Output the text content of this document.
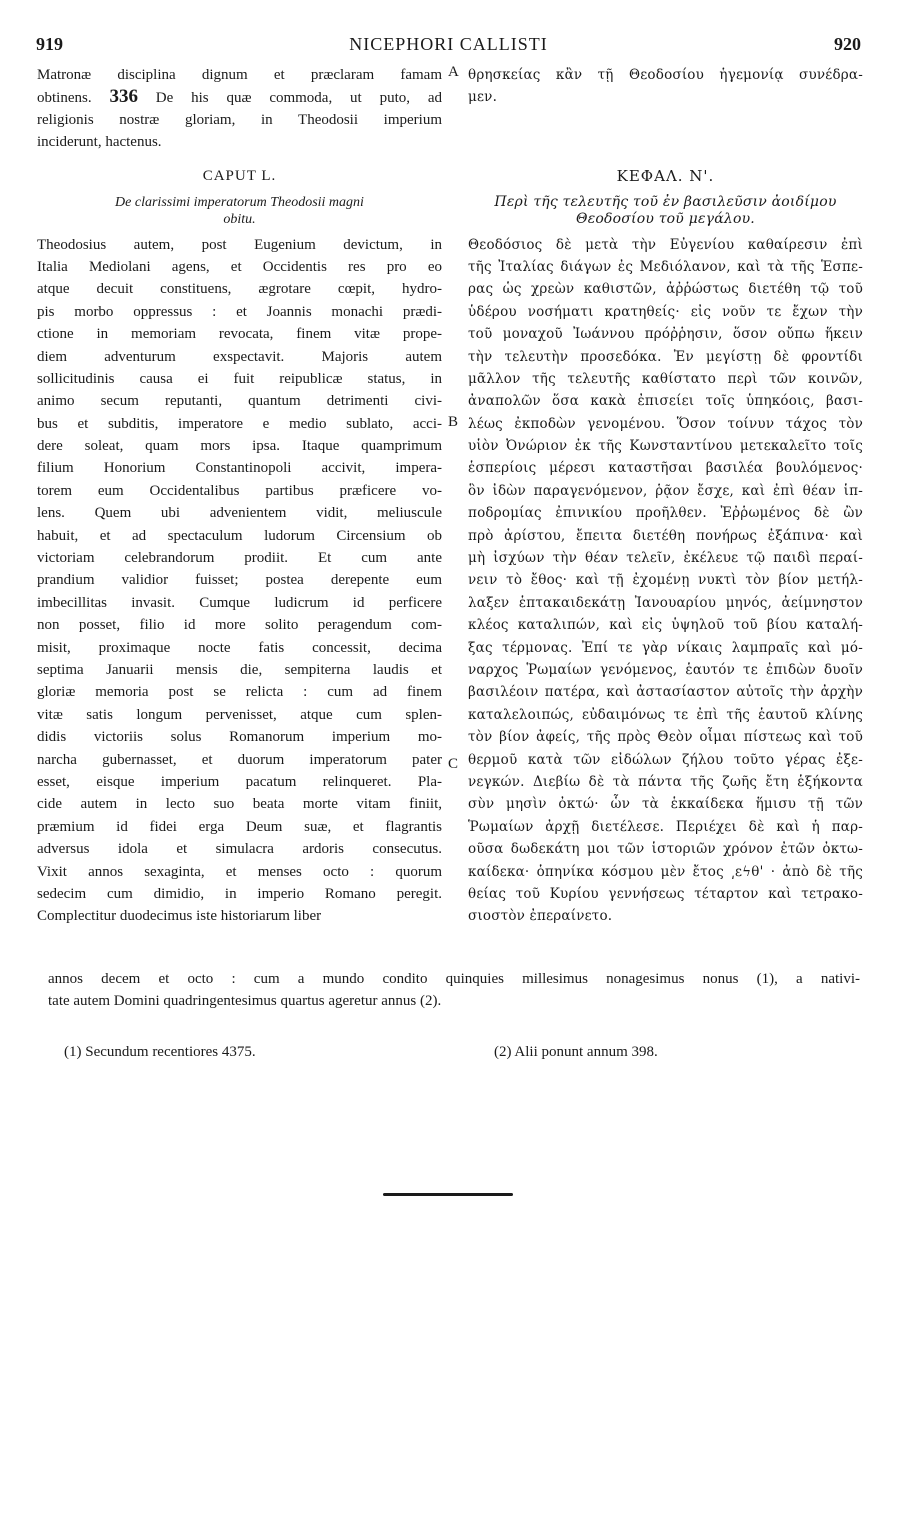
919	NICEPHORI CALLISTI	920
Matronæ disciplina dignum et præclaram famam
obtinens. 336 De his quæ commoda, ut puto, ad
religionis nostræ gloriam, in Theodosii imperium
inciderunt, hactenus.
CAPUT L.
De clarissimi imperatorum Theodosii magni
obitu.
Theodosius autem, post Eugenium devictum, in
Italia Mediolani agens, et Occidentis res pro eo
atque decuit constituens, ægrotare cœpit, hydro-
pis morbo oppressus : et Joannis monachi prædi-
ctione in memoriam revocata, finem vitæ prope-
diem adventurum exspectavit. Majoris autem
sollicitudinis causa ei fuit reipublicæ status, in
animo secum reputanti, quantum detrimenti civi-
bus et subditis, imperatore e medio sublato, acci-
dere soleat, quam mors ipsa. Itaque quamprimum
filium Honorium Constantinopoli accivit, impera-
torem eum Occidentalibus partibus præficere vo-
lens. Quem ubi advenientem vidit, meliuscule
habuit, et ad spectaculum ludorum Circensium ob
victoriam celebrandorum prodiit. Et cum ante
prandium validior fuisset; postea derepente eum
imbecillitas invasit. Cumque ludicrum id perficere
non posset, filio id more solito peragendum com-
misit, proximaque nocte fatis concessit, decima
septima Januarii mensis die, sempiterna laudis et
gloriæ memoria post se relicta : cum ad finem
vitæ satis longum pervenisset, atque cum splen-
didis victoriis solus Romanorum imperium mo-
narcha gubernasset, et duorum imperatorum pater
esset, eisque imperium pacatum relinqueret. Pla-
cide autem in lecto suo beata morte vitam finiit,
præmium id fidei erga Deum suæ, et flagrantis
adversus idola et simulacra ardoris consecutus.
Vixit annos sexaginta, et menses octo : quorum
sedecim cum dimidio, in imperio Romano peregit.
Complectitur duodecimus iste historiarum liber
A
B
C
θρησκείας κἂν τῇ Θεοδοσίου ἡγεμονίᾳ συνέδρα-
μεν.
ΚΕΦΑΛ. Ν'.
Περὶ τῆς τελευτῆς τοῦ ἐν βασιλεῦσιν ἀοιδίμου
Θεοδοσίου τοῦ μεγάλου.
Θεοδόσιος δὲ μετὰ τὴν Εὐγενίου καθαίρεσιν ἐπὶ
τῆς Ἰταλίας διάγων ἐς Μεδιόλανον, καὶ τὰ τῆς Ἑσπε-
ρας ὡς χρεὼν καθιστῶν, ἀῤῥώστως διετέθη τῷ τοῦ
ὑδέρου νοσήματι κρατηθείς· εἰς νοῦν τε ἔχων τὴν
τοῦ μοναχοῦ Ἰωάννου πρόῤῥησιν, ὅσον οὔπω ἥκειν
τὴν τελευτὴν προσεδόκα. Ἐν μεγίστῃ δὲ φροντίδι
μᾶλλον τῆς τελευτῆς καθίστατο περὶ τῶν κοινῶν,
ἀναπολῶν ὅσα κακὰ ἐπισείει τοῖς ὑπηκόοις, βασι-
λέως ἐκποδὼν γενομένου. Ὅσον τοίνυν τάχος τὸν
υἱὸν Ὀνώριον ἐκ τῆς Κωνσταντίνου μετεκαλεῖτο τοῖς
ἑσπερίοις μέρεσι καταστῆσαι βασιλέα βουλόμενος·
ὃν ἰδὼν παραγενόμενον, ῥᾷον ἔσχε, καὶ ἐπὶ θέαν ἱπ-
ποδρομίας ἐπινικίου προῆλθεν. Ἐῤῥωμένος δὲ ὢν
πρὸ ἀρίστου, ἔπειτα διετέθη πονήρως ἐξάπινα· καὶ
μὴ ἰσχύων τὴν θέαν τελεῖν, ἐκέλευε τῷ παιδὶ περαί-
νειν τὸ ἔθος· καὶ τῇ ἐχομένῃ νυκτὶ τὸν βίον μετήλ-
λαξεν ἑπτακαιδεκάτῃ Ἰανουαρίου μηνός, ἀείμνηστον
κλέος καταλιπών, καὶ εἰς ὑψηλοῦ τοῦ βίου καταλή-
ξας τέρμονας. Ἐπί τε γὰρ νίκαις λαμπραῖς καὶ μό-
ναρχος Ῥωμαίων γενόμενος, ἑαυτόν τε ἐπιδὼν δυοῖν
βασιλέοιν πατέρα, καὶ ἀστασίαστον αὐτοῖς τὴν ἀρχὴν
καταλελοιπώς, εὐδαιμόνως τε ἐπὶ τῆς ἑαυτοῦ κλίνης
τὸν βίον ἀφείς, τῆς πρὸς Θεὸν οἶμαι πίστεως καὶ τοῦ
θερμοῦ κατὰ τῶν εἰδώλων ζήλου τοῦτο γέρας ἐξε-
νεγκών. Διεβίω δὲ τὰ πάντα τῆς ζωῆς ἔτη ἑξήκοντα
σὺν μησὶν ὀκτώ· ὧν τὰ ἑκκαίδεκα ἥμισυ τῇ τῶν
Ῥωμαίων ἀρχῇ διετέλεσε. Περιέχει δὲ καὶ ἡ παρ-
οῦσα δωδεκάτη μοι τῶν ἱστοριῶν χρόνον ἐτῶν ὀκτω-
καίδεκα· ὁπηνίκα κόσμου μὲν ἔτος ͵εϟθ' · ἀπὸ δὲ τῆς
θείας τοῦ Κυρίου γεννήσεως τέταρτον καὶ τετρακο-
σιοστὸν ἐπεραίνετο.
annos decem et octo : cum a mundo condito quinquies millesimus nonagesimus nonus (1), a nativi-
tate autem Domini quadringentesimus quartus ageretur annus (2).
(1) Secundum recentiores 4375.	(2) Alii ponunt annum 398.
